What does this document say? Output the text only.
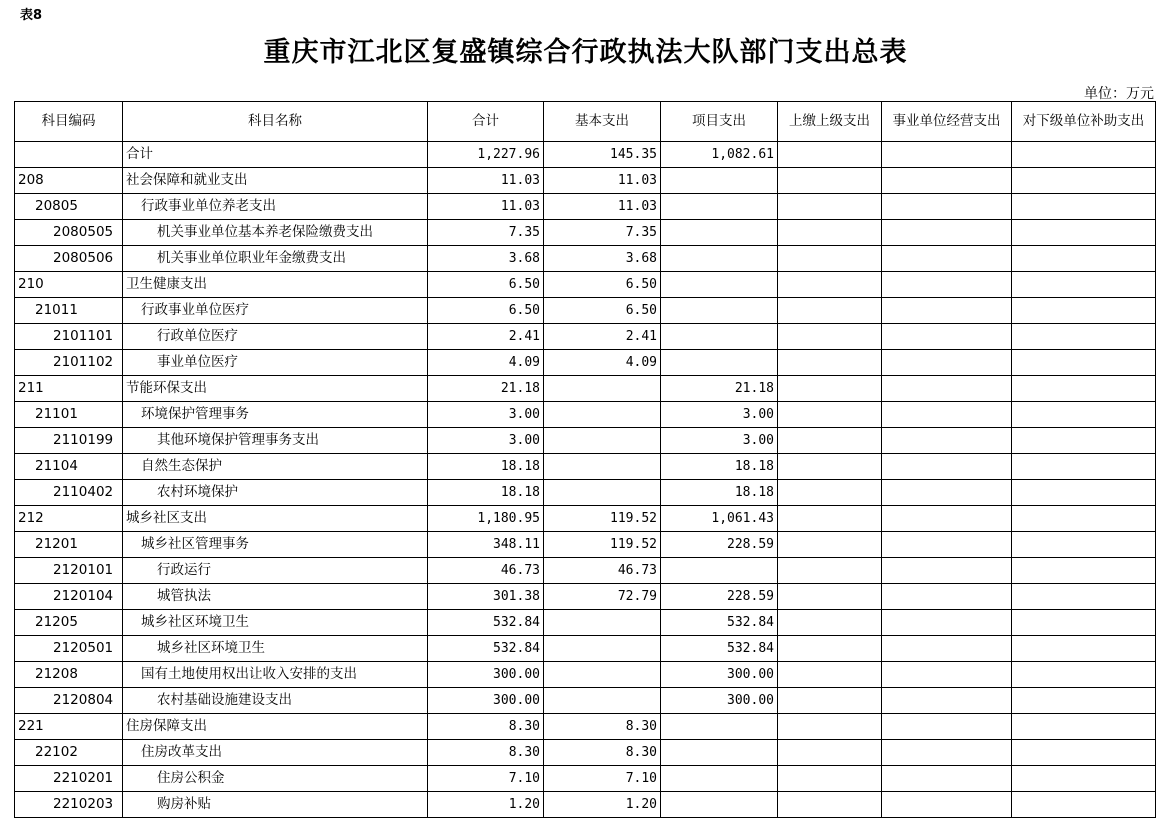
表8
重庆市江北区复盛镇综合行政执法大队部门支出总表
单位：万元
科目编码	科目名称	合计	基本支出	项目支出	上缴上级支出	事业单位经营支出	对下级单位补助支出
	合计	1,227.96	145.35	1,082.61			
208	社会保障和就业支出	11.03	11.03				
20805	行政事业单位养老支出	11.03	11.03				
2080505	机关事业单位基本养老保险缴费支出	7.35	7.35				
2080506	机关事业单位职业年金缴费支出	3.68	3.68				
210	卫生健康支出	6.50	6.50				
21011	行政事业单位医疗	6.50	6.50				
2101101	行政单位医疗	2.41	2.41				
2101102	事业单位医疗	4.09	4.09				
211	节能环保支出	21.18		21.18			
21101	环境保护管理事务	3.00		3.00			
2110199	其他环境保护管理事务支出	3.00		3.00			
21104	自然生态保护	18.18		18.18			
2110402	农村环境保护	18.18		18.18			
212	城乡社区支出	1,180.95	119.52	1,061.43			
21201	城乡社区管理事务	348.11	119.52	228.59			
2120101	行政运行	46.73	46.73				
2120104	城管执法	301.38	72.79	228.59			
21205	城乡社区环境卫生	532.84		532.84			
2120501	城乡社区环境卫生	532.84		532.84			
21208	国有土地使用权出让收入安排的支出	300.00		300.00			
2120804	农村基础设施建设支出	300.00		300.00			
221	住房保障支出	8.30	8.30				
22102	住房改革支出	8.30	8.30				
2210201	住房公积金	7.10	7.10				
2210203	购房补贴	1.20	1.20				
